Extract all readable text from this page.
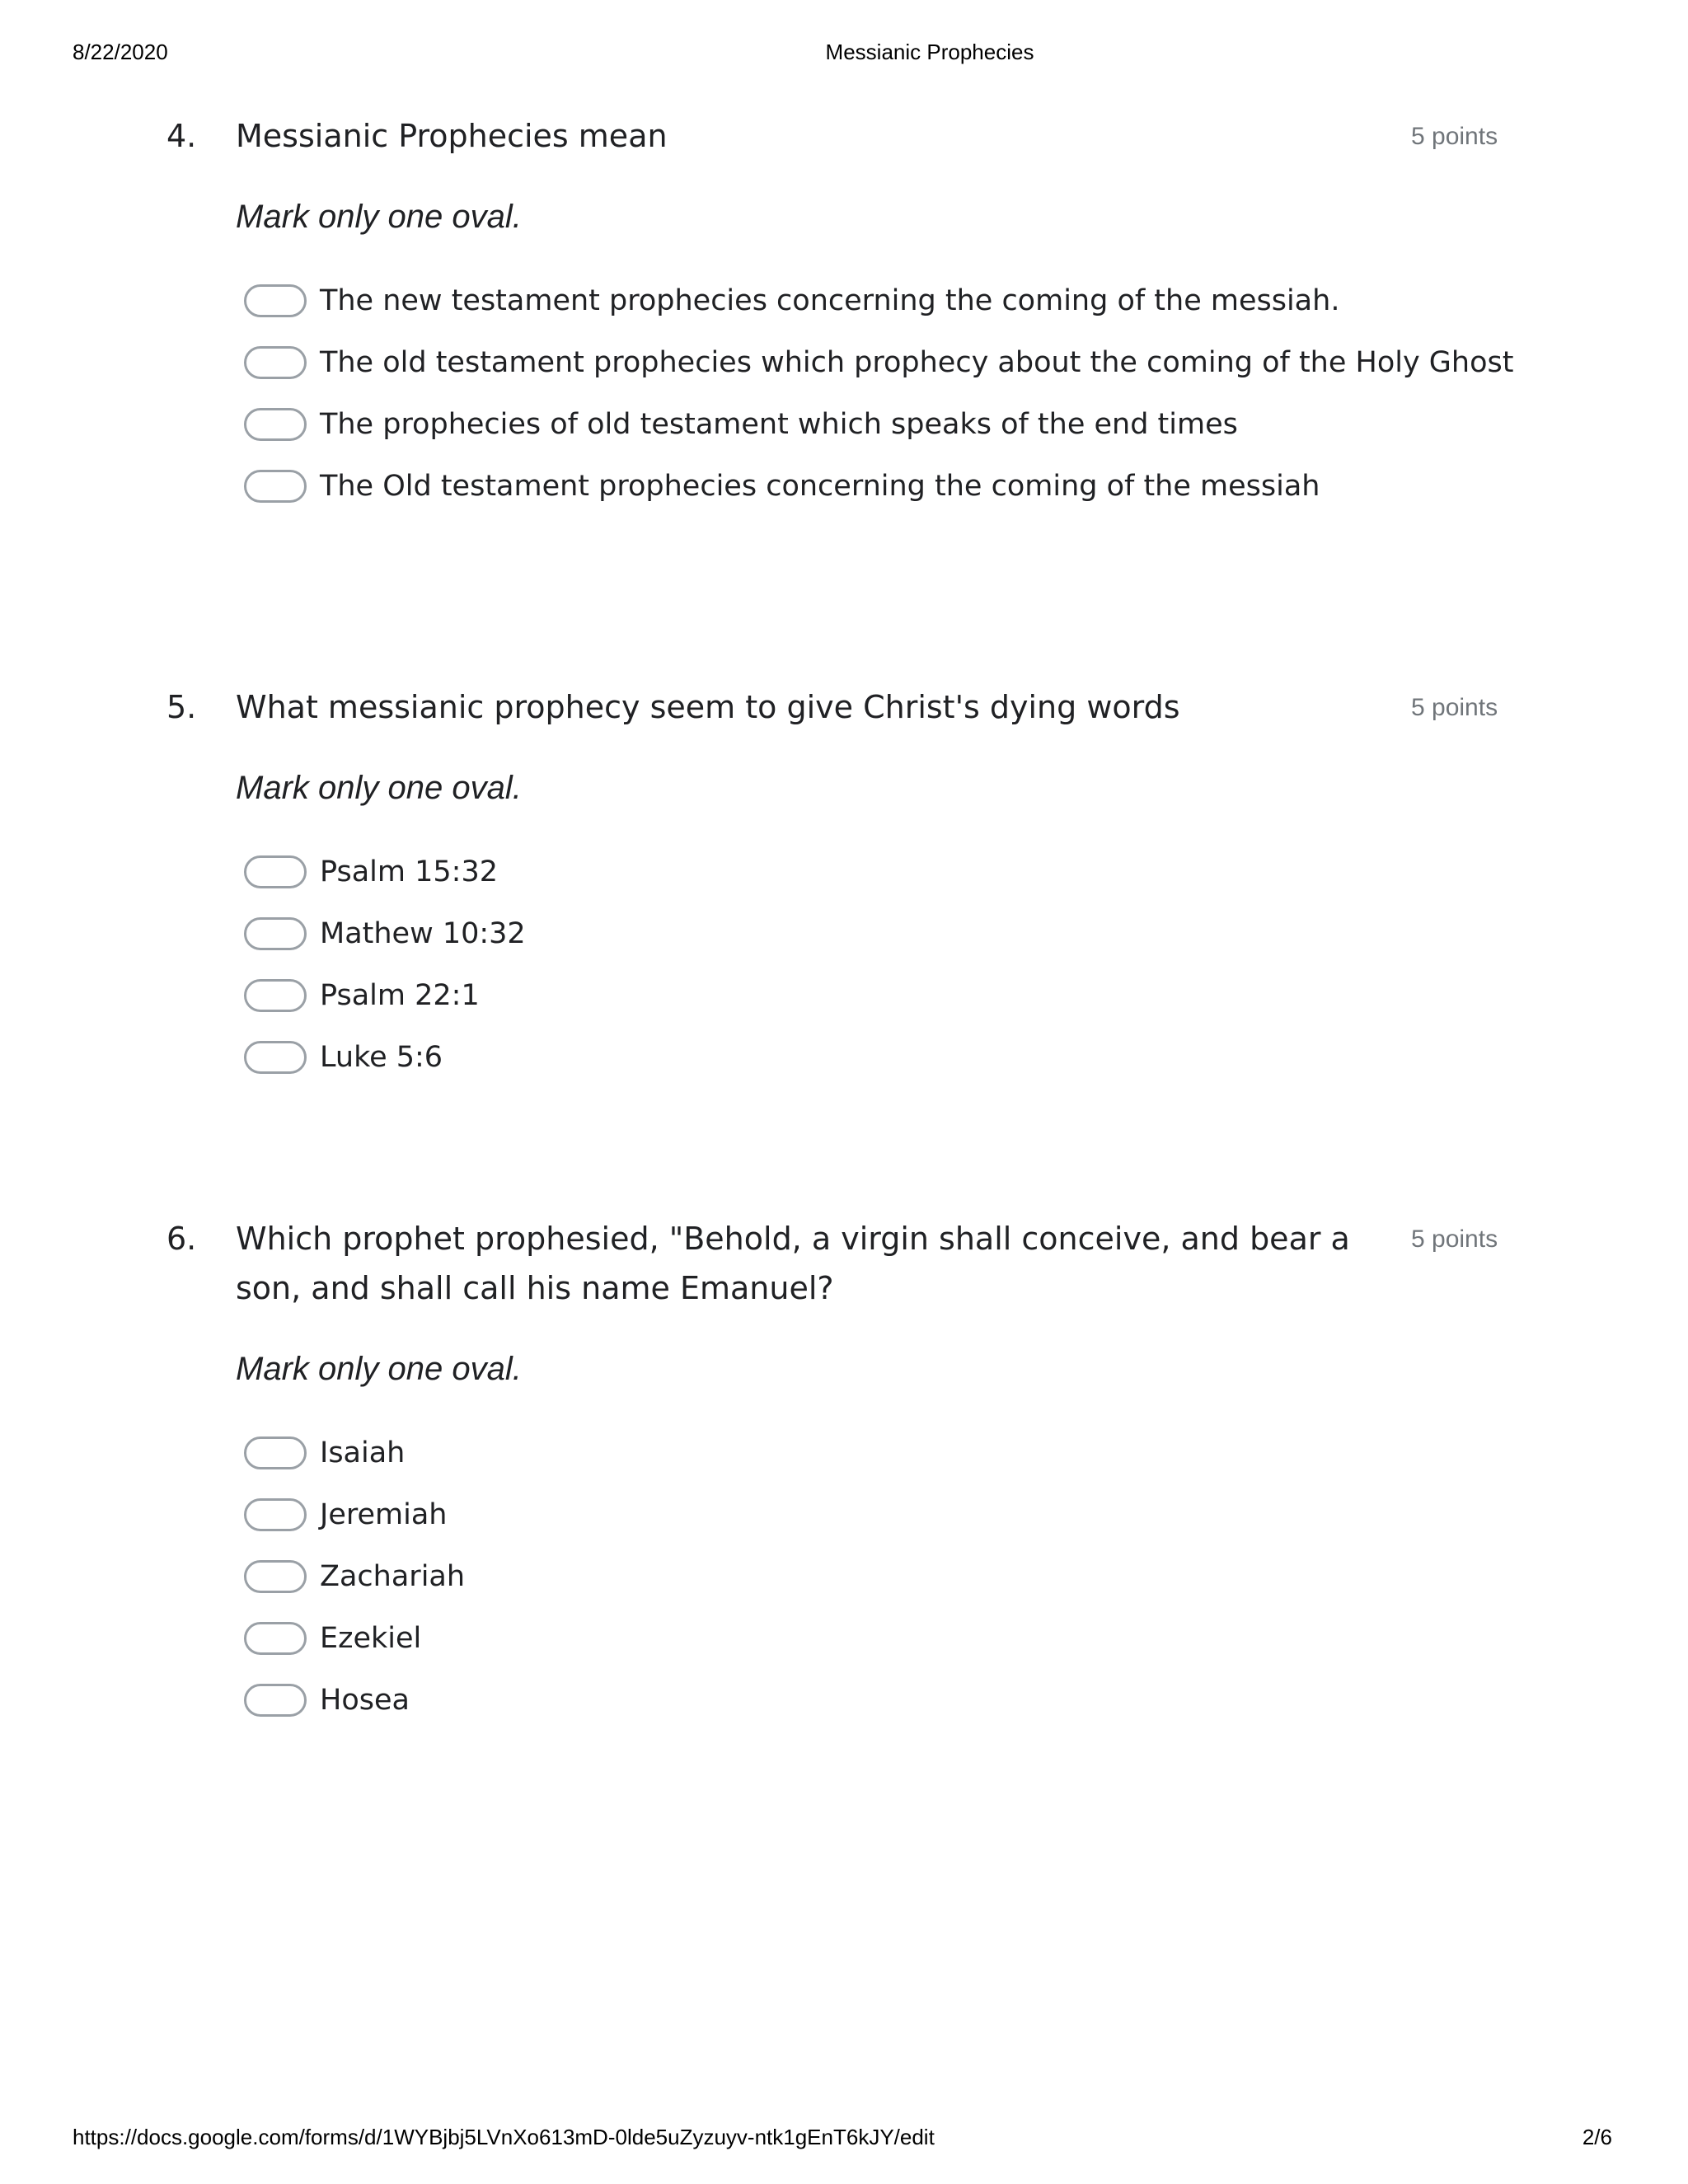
8/22/2020	Messianic Prophecies
4. Messianic Prophecies mean	5 points
Mark only one oval.
The new testament prophecies concerning the coming of the messiah.
The old testament prophecies which prophecy about the coming of the Holy Ghost
The prophecies of old testament which speaks of the end times
The Old testament prophecies concerning the coming of the messiah
5. What messianic prophecy seem to give Christ's dying words	5 points
Mark only one oval.
Psalm 15:32
Mathew 10:32
Psalm 22:1
Luke 5:6
6. Which prophet prophesied, "Behold, a virgin shall conceive, and bear a son, and shall call his name Emanuel?
5 points
Mark only one oval.
Isaiah
Jeremiah
Zachariah
Ezekiel
Hosea
https://docs.google.com/forms/d/1WYBjbj5LVnXo613mD-0lde5uZyzuyv-ntk1gEnT6kJY/edit	2/6
